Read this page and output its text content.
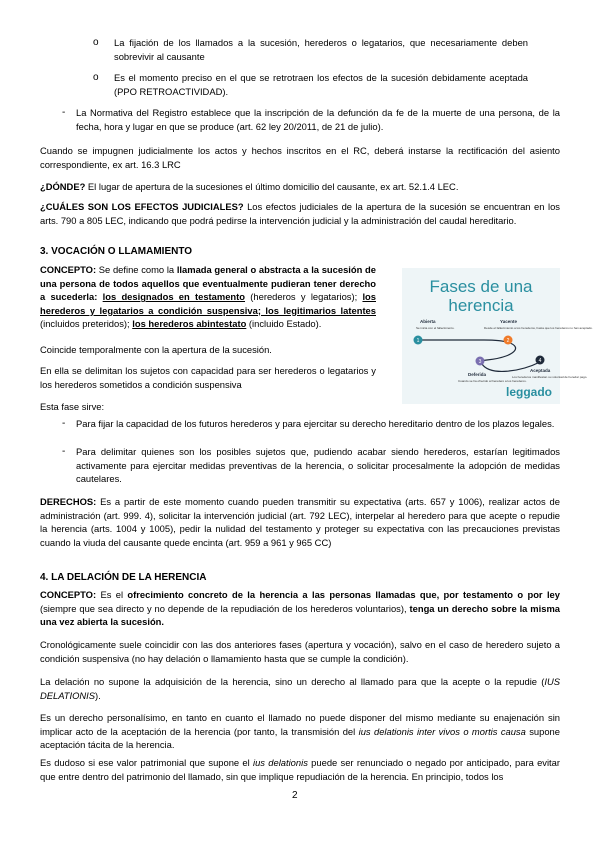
o La fijación de los llamados a la sucesión, herederos o legatarios, que necesariamente deben sobrevivir al causante

o Es el momento preciso en el que se retrotraen los efectos de la sucesión debidamente aceptada (PPO RETROACTIVIDAD).

- La Normativa del Registro establece que la inscripción de la defunción da fe de la muerte de una persona, de la fecha, hora y lugar en que se produce (art. 62 ley 20/2011, de 21 de julio).

Cuando se impugnen judicialmente los actos y hechos inscritos en el RC, deberá instarse la rectificación del asiento correspondiente, ex art. 16.3 LRC

¿DÓNDE? El lugar de apertura de la sucesiones el último domicilio del causante, ex art. 52.1.4 LEC.

¿CUÁLES SON LOS EFECTOS JUDICIALES? Los efectos judiciales de la apertura de la sucesión se encuentran en los arts. 790 a 805 LEC, indicando que podrá pedirse la intervención judicial y la administración del caudal hereditario.

3. VOCACIÓN O LLAMAMIENTO

CONCEPTO: Se define como la llamada general o abstracta a la sucesión de una persona de todos aquellos que eventualmente pudieran tener derecho a sucederla: los designados en testamento (herederos y legatarios); los herederos y legatarios a condición suspensiva; los legitimarios latentes (incluidos preteridos); los herederos abintestato (incluido Estado).

Coincide temporalmente con la apertura de la sucesión.

En ella se delimitan los sujetos con capacidad para ser herederos o legatarios y los herederos sometidos a condición suspensiva

Esta fase sirve:

- Para fijar la capacidad de los futuros herederos y para ejercitar su derecho hereditario dentro de los plazos legales.

- Para delimitar quienes son los posibles sujetos que, pudiendo acabar siendo herederos, estarían legitimados activamente para ejercitar medidas preventivas de la herencia, o solicitar procesalmente la adopción de medidas cautelares.

DERECHOS: Es a partir de este momento cuando pueden transmitir su expectativa (arts. 657 y 1006), realizar actos de administración (art. 999. 4), solicitar la intervención judicial (art. 792 LEC), interpelar al heredero para que acepte o repudie la herencia (arts. 1004 y 1005), pedir la nulidad del testamento y proteger su expectativa con las precauciones previstas cuando la viuda del causante quede encinta (art. 959 a 961 y 965 CC)

4. LA DELACIÓN DE LA HERENCIA

CONCEPTO: Es el ofrecimiento concreto de la herencia a las personas llamadas que, por testamento o por ley (siempre que sea directo y no depende de la repudiación de los herederos voluntarios), tenga un derecho sobre la misma una vez abierta la sucesión.

Cronológicamente suele coincidir con las dos anteriores fases (apertura y vocación), salvo en el caso de heredero sujeto a condición suspensiva (no hay delación o llamamiento hasta que se cumple la condición).

La delación no supone la adquisición de la herencia, sino un derecho al llamado para que la acepte o la repudie (IUS DELATIONIS).

Es un derecho personalísimo, en tanto en cuanto el llamado no puede disponer del mismo mediante su enajenación sin implicar acto de la aceptación de la herencia (por tanto, la transmisión del ius delationis inter vivos o mortis causa supone aceptación tácita de la herencia.

Es dudoso si ese valor patrimonial que supone el ius delationis puede ser renunciado o negado por anticipado, para evitar que entre dentro del patrimonio del llamado, sin que implique repudiación de la herencia. En principio, todos los

2
Fases de una
herencia
Abierta
Se inicia con el fallecimiento.
Yacente
Desde el fallecimiento a los herederos, hasta que los herederos no han aceptado.
1	2
3	4
Deferida
Cuando se ha ofrecido al heredero a los herederos.
Aceptada
Los herederos manifiestan su voluntad de heredar pago.
leggado
